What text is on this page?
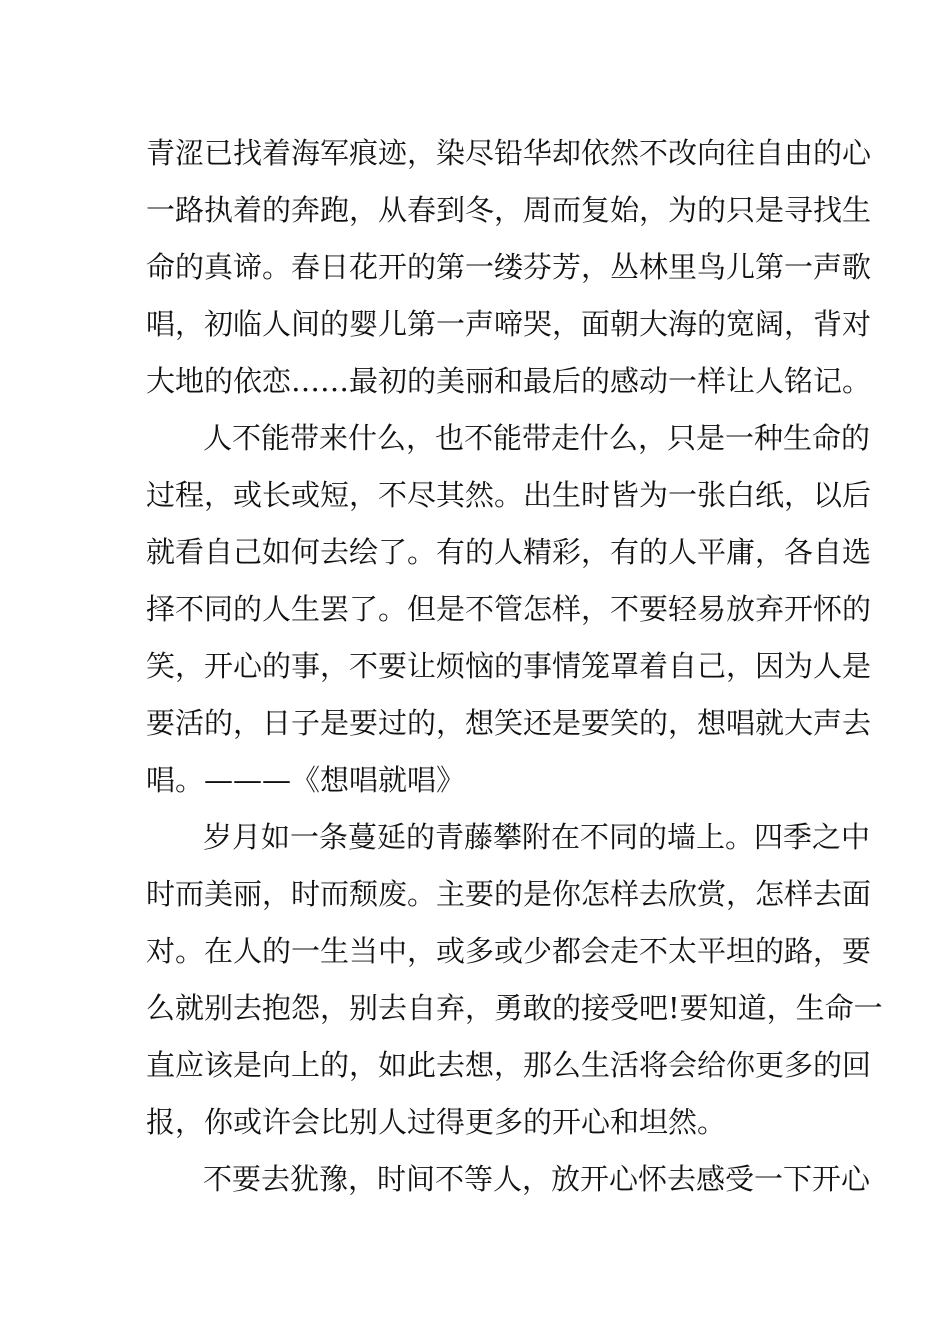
青涩已找着海军痕迹，染尽铅华却依然不改向往自由的心
一路执着的奔跑，从春到冬，周而复始，为的只是寻找生
命的真谛。春日花开的第一缕芬芳，丛林里鸟儿第一声歌
唱，初临人间的婴儿第一声啼哭，面朝大海的宽阔，背对
大地的依恋……最初的美丽和最后的感动一样让人铭记。
人不能带来什么，也不能带走什么，只是一种生命的
过程，或长或短，不尽其然。出生时皆为一张白纸，以后
就看自己如何去绘了。有的人精彩，有的人平庸，各自选
择不同的人生罢了。但是不管怎样，不要轻易放弃开怀的
笑，开心的事，不要让烦恼的事情笼罩着自己，因为人是
要活的，日子是要过的，想笑还是要笑的，想唱就大声去
唱。———《想唱就唱》
岁月如一条蔓延的青藤攀附在不同的墙上。四季之中
时而美丽，时而颓废。主要的是你怎样去欣赏，怎样去面
对。在人的一生当中，或多或少都会走不太平坦的路，要
么就别去抱怨，别去自弃，勇敢的接受吧!要知道，生命一
直应该是向上的，如此去想，那么生活将会给你更多的回
报，你或许会比别人过得更多的开心和坦然。
不要去犹豫，时间不等人，放开心怀去感受一下开心
